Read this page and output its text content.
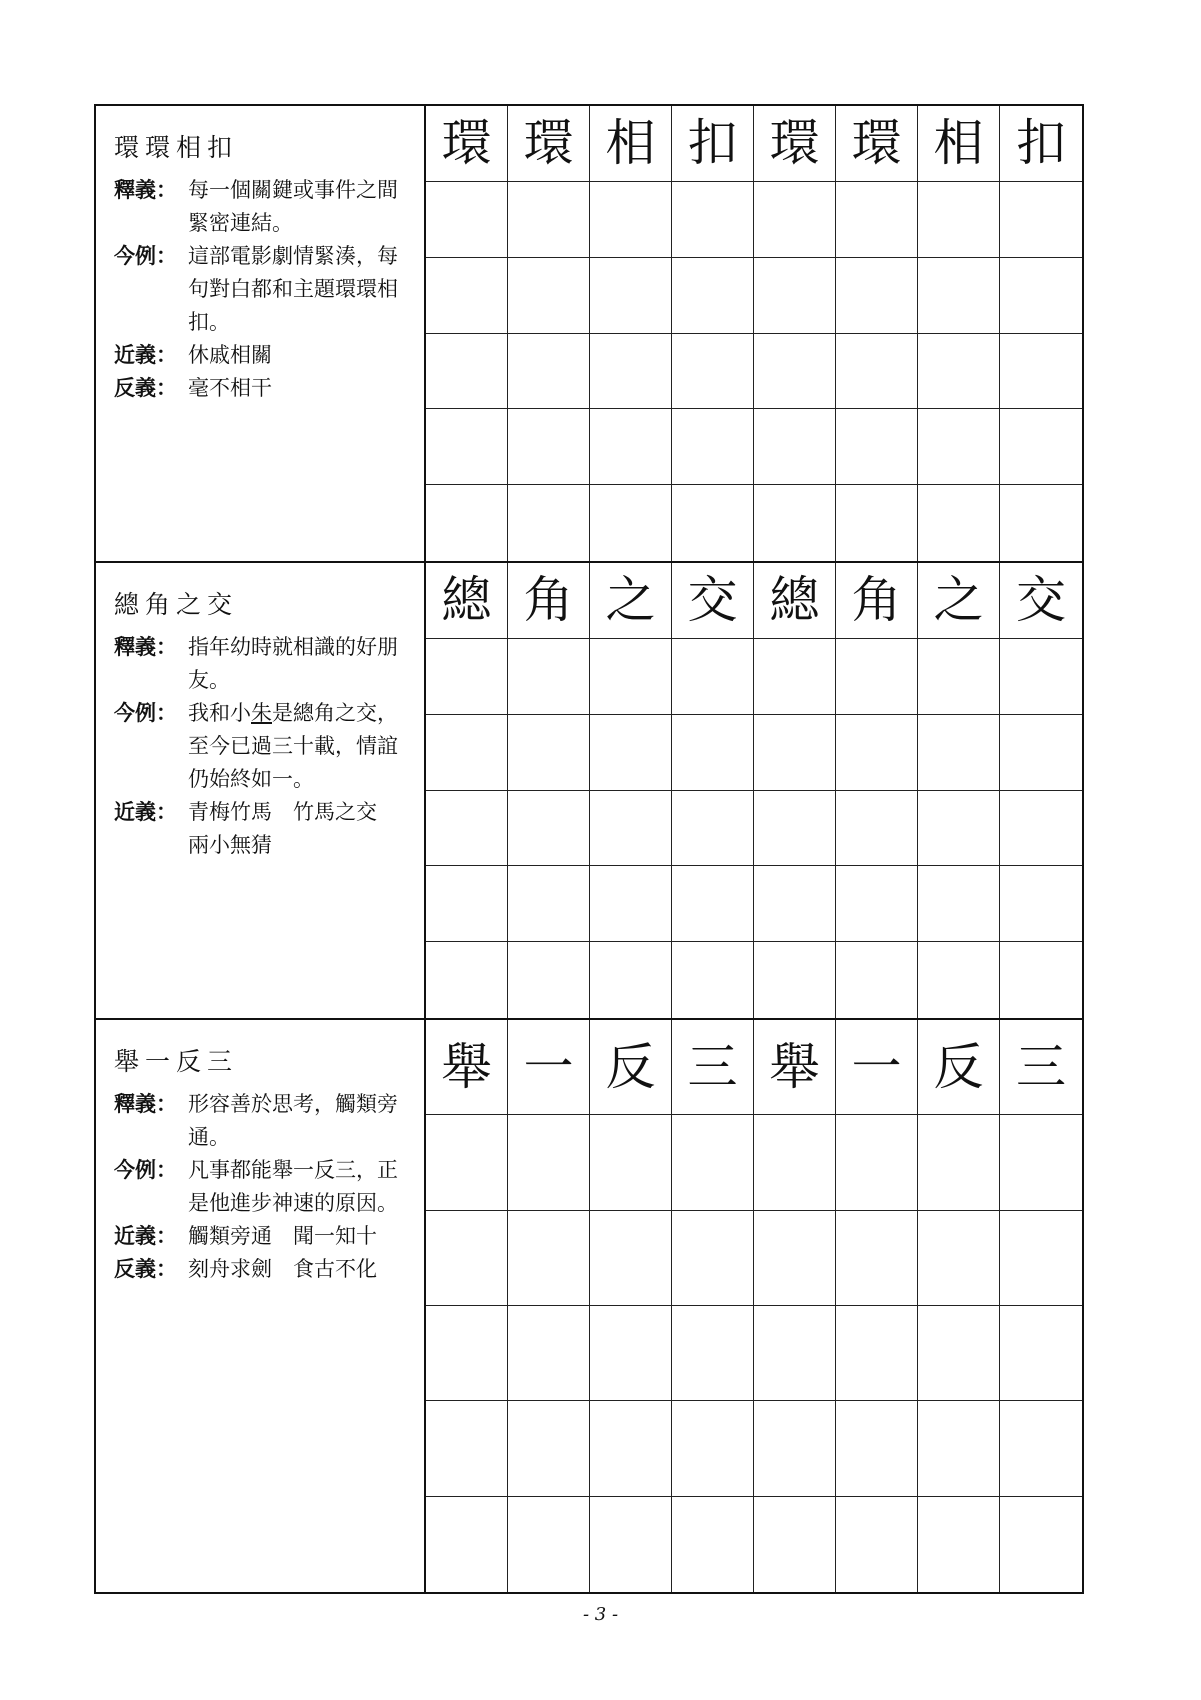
環環相扣
釋義： 每一個關鍵或事件之間緊密連結。
今例： 這部電影劇情緊湊，每句對白都和主題環環相扣。
近義： 休戚相關
反義： 毫不相干
環 環 相 扣 環 環 相 扣
總角之交
釋義： 指年幼時就相識的好朋友。
今例： 我和小朱是總角之交，至今已過三十載，情誼仍始終如一。
近義： 青梅竹馬　竹馬之交　兩小無猜
總 角 之 交 總 角 之 交
舉一反三
釋義： 形容善於思考，觸類旁通。
今例： 凡事都能舉一反三，正是他進步神速的原因。
近義： 觸類旁通　聞一知十
反義： 刻舟求劍　食古不化
舉 一 反 三 舉 一 反 三
- 3 -
